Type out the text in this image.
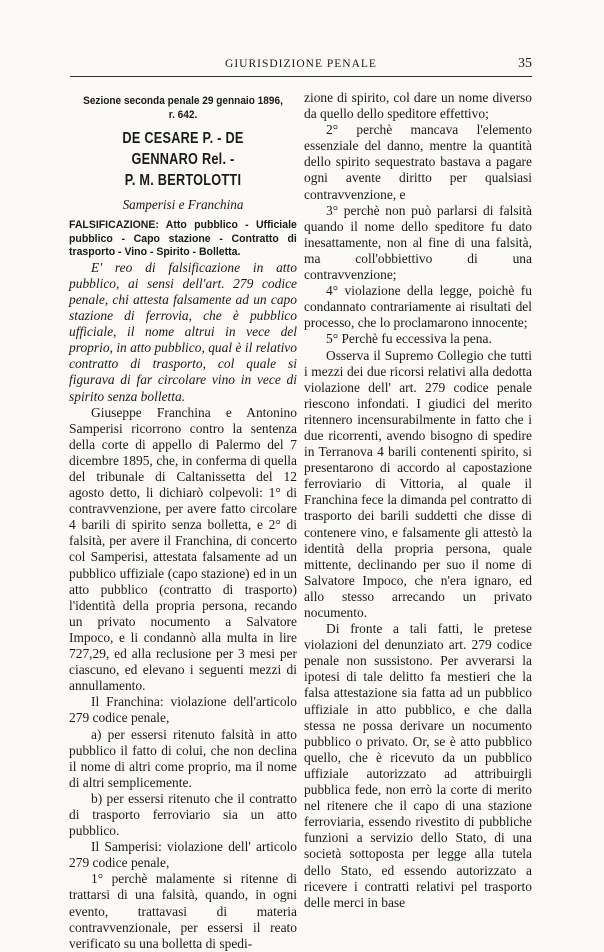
GIURISDIZIONE PENALE	35
Sezione seconda penale 29 gennaio 1896, r. 642.
DE CESARE P. - DE GENNARO Rel. -
P. M. BERTOLOTTI
Samperisi e Franchina
FALSIFICAZIONE: Atto pubblico - Ufficiale pubblico - Capo stazione - Contratto di trasporto - Vino - Spirito - Bolletta.

E' reo di falsificazione in atto pubblico, ai sensi dell'art. 279 codice penale, chi attesta falsamente ad un capo stazione di ferrovia, che è pubblico ufficiale, il nome altrui in vece del proprio, in atto pubblico, qual è il relativo contratto di trasporto, col quale si figurava di far circolare vino in vece di spirito senza bolletta.

Giuseppe Franchina e Antonino Samperisi ricorrono contro la sentenza della corte di appello di Palermo del 7 dicembre 1895, che, in conferma di quella del tribunale di Caltanissetta del 12 agosto detto, li dichiarò colpevoli: 1° di contravvenzione, per avere fatto circolare 4 barili di spirito senza bolletta, e 2° di falsità, per avere il Franchina, di concerto col Samperisi, attestata falsamente ad un pubblico uffiziale (capo stazione) ed in un atto pubblico (contratto di trasporto) l'identità della propria persona, recando un privato nocumento a Salvatore Impoco, e li condannò alla multa in lire 727,29, ed alla reclusione per 3 mesi per ciascuno, ed elevano i seguenti mezzi di annullamento.

Il Franchina: violazione dell'articolo 279 codice penale,

a) per essersi ritenuto falsità in atto pubblico il fatto di colui, che non declina il nome di altri come proprio, ma il nome di altri semplicemente.

b) per essersi ritenuto che il contratto di trasporto ferroviario sia un atto pubblico.

Il Samperisi: violazione dell' articolo 279 codice penale,

1° perchè malamente si ritenne di trattarsi di una falsità, quando, in ogni evento, trattavasi di materia contravvenzionale, per essersi il reato verificato su una bolletta di spedi-

zione di spirito, col dare un nome diverso da quello dello speditore effettivo;

2° perchè mancava l'elemento essenziale del danno, mentre la quantità dello spirito sequestrato bastava a pagare ogni avente diritto per qualsiasi contravvenzione, e

3° perchè non può parlarsi di falsità quando il nome dello speditore fu dato inesattamente, non al fine di una falsità, ma coll'obbiettivo di una contravvenzione;

4° violazione della legge, poichè fu condannato contrariamente ai risultati del processo, che lo proclamarono innocente;

5° Perchè fu eccessiva la pena.

Osserva il Supremo Collegio che tutti i mezzi dei due ricorsi relativi alla dedotta violazione dell' art. 279 codice penale riescono infondati. I giudici del merito ritennero incensurabilmente in fatto che i due ricorrenti, avendo bisogno di spedire in Terranova 4 barili contenenti spirito, si presentarono di accordo al capostazione ferroviario di Vittoria, al quale il Franchina fece la dimanda pel contratto di trasporto dei barili suddetti che disse di contenere vino, e falsamente gli attestò la identità della propria persona, quale mittente, declinando per suo il nome di Salvatore Impoco, che n'era ignaro, ed allo stesso arrecando un privato nocumento.

Di fronte a tali fatti, le pretese violazioni del denunziato art. 279 codice penale non sussistono. Per avverarsi la ipotesi di tale delitto fa mestieri che la falsa attestazione sia fatta ad un pubblico uffiziale in atto pubblico, e che dalla stessa ne possa derivare un nocumento pubblico o privato. Or, se è atto pubblico quello, che è ricevuto da un pubblico uffiziale autorizzato ad attribuirgli pubblica fede, non errò la corte di merito nel ritenere che il capo di una stazione ferroviaria, essendo rivestito di pubbliche funzioni a servizio dello Stato, di una società sottoposta per legge alla tutela dello Stato, ed essendo autorizzato a ricevere i contratti relativi pel trasporto delle merci in base
